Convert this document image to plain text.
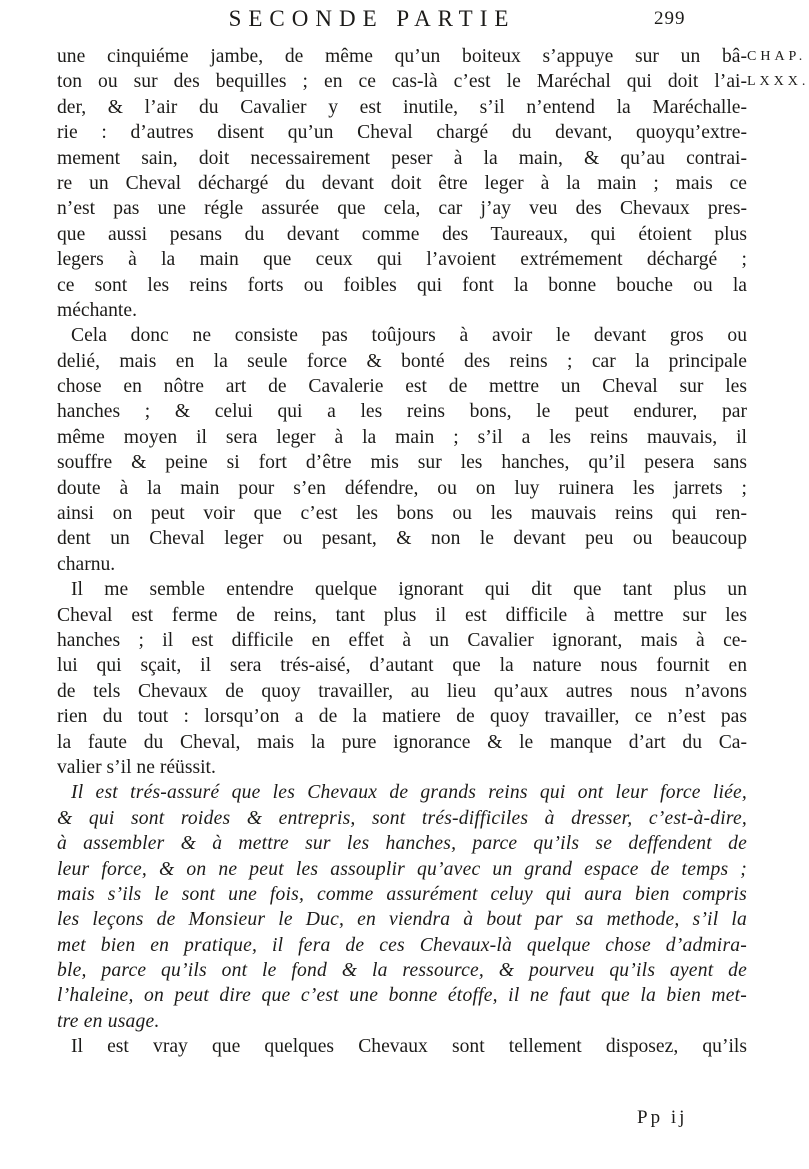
SECONDE PARTIE	299
CHAP.
LXXX.
une cinquiéme jambe, de même qu’un boiteux s’appuye sur un bâ-
ton ou sur des bequilles ; en ce cas-là c’est le Maréchal qui doit l’ai-
der, & l’air du Cavalier y est inutile, s’il n’entend la Maréchalle-
rie : d’autres disent qu’un Cheval chargé du devant, quoyqu’extre-
mement sain, doit necessairement peser à la main, & qu’au contrai-
re un Cheval déchargé du devant doit être leger à la main ; mais ce
n’est pas une régle assurée que cela, car j’ay veu des Chevaux pres-
que aussi pesans du devant comme des Taureaux, qui étoient plus
legers à la main que ceux qui l’avoient extrémement déchargé ;
ce sont les reins forts ou foibles qui font la bonne bouche ou la
méchante.
Cela donc ne consiste pas toûjours à avoir le devant gros ou
delié, mais en la seule force & bonté des reins ; car la principale
chose en nôtre art de Cavalerie est de mettre un Cheval sur les
hanches ; & celui qui a les reins bons, le peut endurer, par
même moyen il sera leger à la main ; s’il a les reins mauvais, il
souffre & peine si fort d’être mis sur les hanches, qu’il pesera sans
doute à la main pour s’en défendre, ou on luy ruinera les jarrets ;
ainsi on peut voir que c’est les bons ou les mauvais reins qui ren-
dent un Cheval leger ou pesant, & non le devant peu ou beaucoup
charnu.
Il me semble entendre quelque ignorant qui dit que tant plus un
Cheval est ferme de reins, tant plus il est difficile à mettre sur les
hanches ; il est difficile en effet à un Cavalier ignorant, mais à ce-
lui qui sçait, il sera trés-aisé, d’autant que la nature nous fournit en
de tels Chevaux de quoy travailler, au lieu qu’aux autres nous n’avons
rien du tout : lorsqu’on a de la matiere de quoy travailler, ce n’est pas
la faute du Cheval, mais la pure ignorance & le manque d’art du Ca-
valier s’il ne réüssit.
Il est trés-assuré que les Chevaux de grands reins qui ont leur force liée,
& qui sont roides & entrepris, sont trés-difficiles à dresser, c’est-à-dire,
à assembler & à mettre sur les hanches, parce qu’ils se deffendent de
leur force, & on ne peut les assouplir qu’avec un grand espace de temps ;
mais s’ils le sont une fois, comme assurément celuy qui aura bien compris
les leçons de Monsieur le Duc, en viendra à bout par sa methode, s’il la
met bien en pratique, il fera de ces Chevaux-là quelque chose d’admira-
ble, parce qu’ils ont le fond & la ressource, & pourveu qu’ils ayent de
l’haleine, on peut dire que c’est une bonne étoffe, il ne faut que la bien met-
tre en usage.
Il est vray que quelques Chevaux sont tellement disposez, qu’ils
Pp ij
